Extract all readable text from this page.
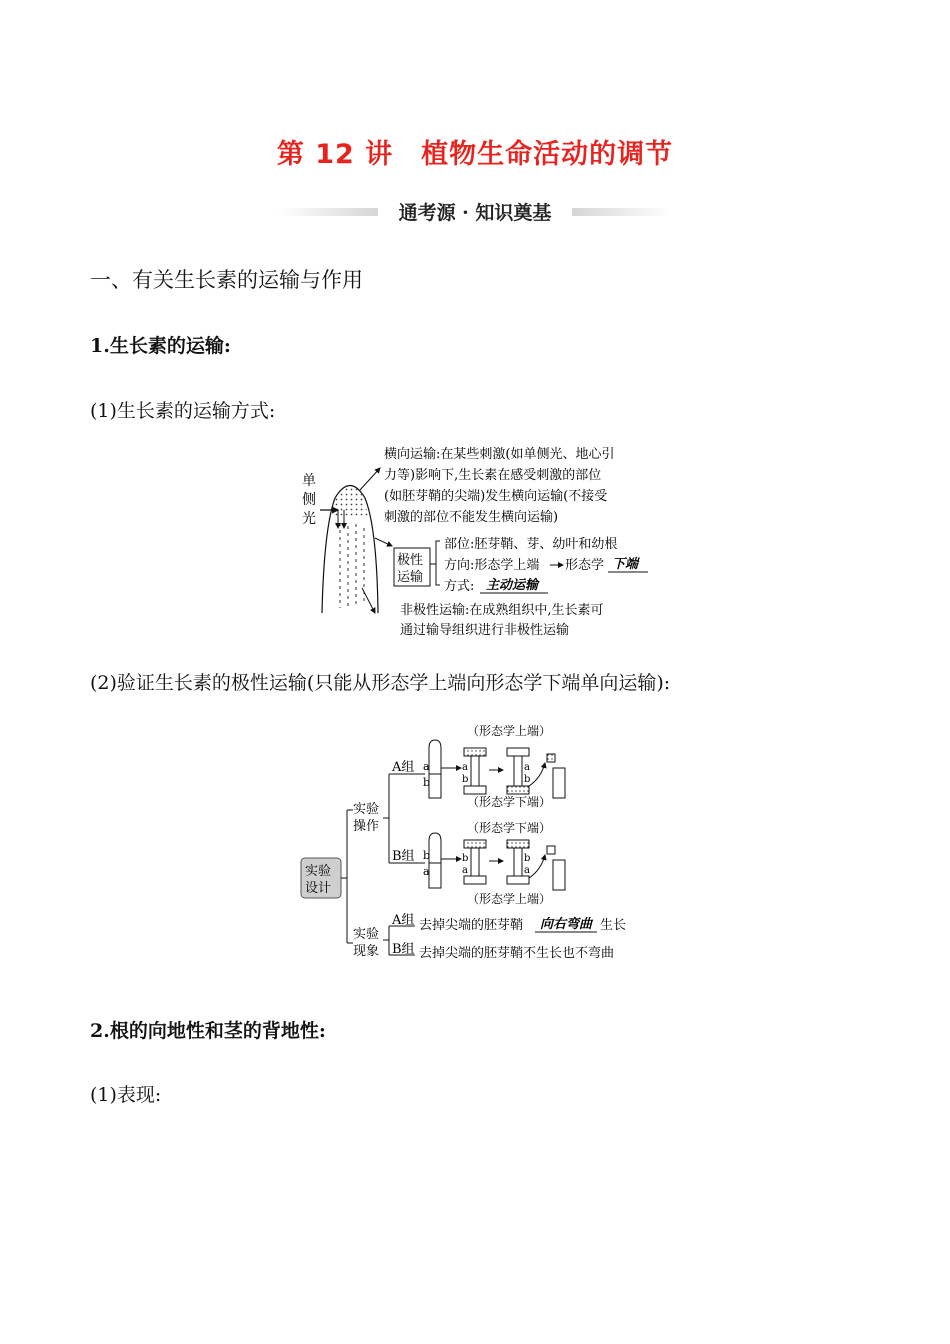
第 12 讲　植物生命活动的调节
通考源 · 知识奠基
一、有关生长素的运输与作用
1.生长素的运输:
(1)生长素的运输方式:
单
侧
光
横向运输:在某些刺激(如单侧光、地心引
力等)影响下,生长素在感受刺激的部位
(如胚芽鞘的尖端)发生横向运输(不接受
刺激的部位不能发生横向运输)
极性
运输
部位:胚芽鞘、芽、幼叶和幼根
方向:形态学上端 形态学 下端
方式: 主动运输
非极性运输:在成熟组织中,生长素可
通过输导组织进行非极性运输
(2)验证生长素的极性运输(只能从形态学上端向形态学下端单向运输):
实验
设计
实验
操作
实验
现象
A组
B组
（形态学上端）
a
b
a
b
a
b
（形态学下端）
（形态学下端）
b
a
b
a
b
a
（形态学上端）
A组
B组
去掉尖端的胚芽鞘 向右弯曲 生长
去掉尖端的胚芽鞘不生长也不弯曲
2.根的向地性和茎的背地性:
(1)表现:
